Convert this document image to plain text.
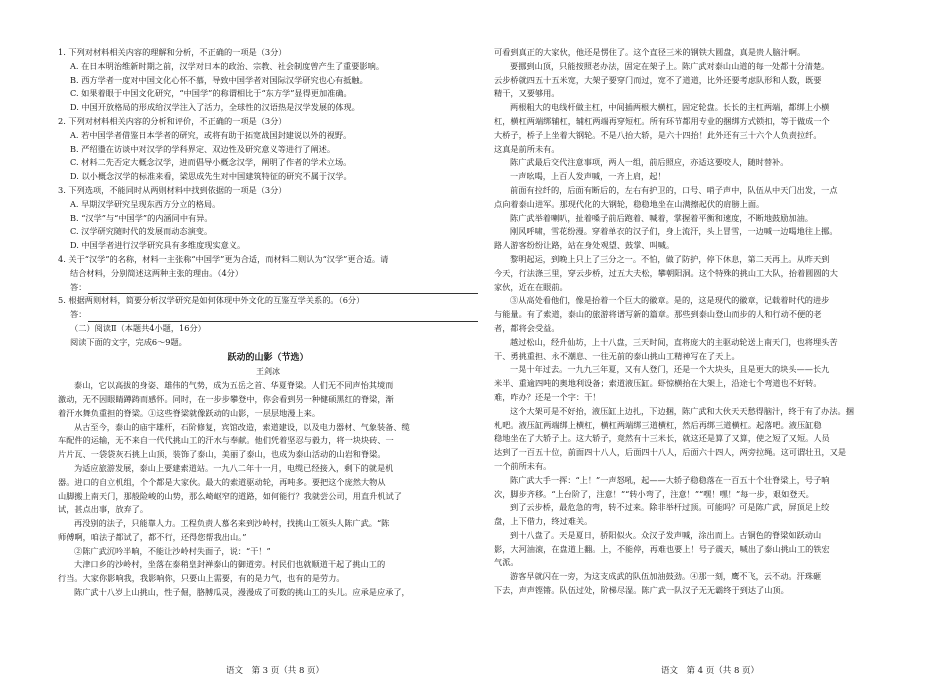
1. 下列对材料相关内容的理解和分析，不正确的一项是（3分）
A. 在日本明治维新时期之前，汉学对日本的政治、宗教、社会制度曾产生了重要影响。
B. 西方学者一度对中国文化心怀不慕，导致中国学者对国际汉学研究也心有抵触。
C. 如果着眼于中国文化研究，“中国学”的称谓相比于“东方学”显得更加准确。
D. 中国开放格局的形成给汉学注入了活力，全球性的汉语热是汉学发展的体现。
2. 下列对材料相关内容的分析和评价，不正确的一项是（3分）
A. 若中国学者借鉴日本学者的研究，或将有助于拓宽战国封建说以外的视野。
B. 严绍璗在访谈中对汉学的学科界定、双边性及研究意义等进行了阐述。
C. 材料二先否定大概念汉学，进而倡导小概念汉学，阐明了作者的学术立场。
D. 以小概念汉学的标准来看，梁思成先生对中国建筑特征的研究不属于汉学。
3. 下列选项，不能同时从两则材料中找到依据的一项是（3分）
A. 早期汉学研究呈现东西方分立的格局。
B. “汉学”与“中国学”的内涵同中有异。
C. 汉学研究随时代的发展而动态演变。
D. 中国学者进行汉学研究具有多维度现实意义。
4. 关于“汉学”的名称，材料一主张称“中国学”更为合适，而材料二则认为“汉学”更合适。请
结合材料，分别简述这两种主张的理由。（4分）
答：
5. 根据两则材料，简要分析汉学研究是如何体现中外文化的互鉴互学关系的。（6分）
答：
（二）阅读Ⅱ（本题共4小题，16分）
阅读下面的文字，完成6～9题。
跃动的山影（节选）
王剑冰
泰山，它以高拔的身姿、雄伟的气势，成为五岳之首、华夏脊梁。人们无不同声怡其境而
激动，无不因眼睛蹲踌而感怀。同时，在一步步攀登中，你会看到另一种健硕黑红的脊梁，渐
着汗水舞负重担的脊梁。①这些脊梁就像跃动的山影，一层层地漫上来。
从古至今，泰山的庙宇雄杆，石阶修复，宾馆改造，索道建设，以及电力器材、气象装备、缆
车配件的运输，无不来自一代代挑山工的汗水与奉献。他们凭着坚忍与毅力，将一块块砖、一
片片瓦、一袋袋灰石挑上山顶，装饰了泰山，美丽了泰山，也成为泰山活动的山岩和脊梁。
为适应旅游发展，泰山上要建索道站。一九八二年十一月，电缆已经接入，剩下的就是机
器。进口的自立机组，个个都是大家伙。最大的索道驱动轮，再吨多。要把这个庞然大物从
山脚搬上南天门，那般险峻的山势，那么崎岖窄的道路，如何能行？我就尝公司，用直升机试了
试，甚点出事，放弃了。
再没别的法子，只能靠人力。工程负责人慕名来到沙岭村，找挑山工领头人陈广武。“陈
师傅啊，咱法子都试了，都不行，还得您帮我出山。”
②陈广武沉吟半晌，不能让沙岭村失面子，说：“干！”
大津口乡的沙岭村，坐落在泰稍皇封禅泰山的御道旁。村民们也就顺道干起了挑山工的
行当。大家你影响我，我影响你，只要山上需要，有的是力气，也有的是劳力。
陈广武十八岁上山挑山，性子倔，胳膊瓜灵，漫漫成了可数的挑山工的头儿。应承是应承了，
可看到真正的大家伙，他还是愣住了。这个直径三米的钢铁大圆盘，真是贵人脑汁啊。
要挪到山顶，只能按照老办法，固定在架子上。陈广武对泰山山道的每一处都十分清楚。
云步桥就四五十五米宽，大架子要穿门而过，宽不了道道，比外还要考虑队形和人数，既要
精干，又要够用。
两根粗大的电线杆做主杠，中间插两根大横杠，固定轮盘。长长的主杠两端，都绑上小横
杠，横杠两端绑辅杠，辅杠两端再穿短杠。所有环节都用专业的捆绑方式锁扣，等于做成一个
大桥子，桥子上坐着大钢轮。不是八抬大轿，是六十四抬！此外还有三十六个人负责拉纤。
这真是前所未有。
陈广武最后交代注意事项，两人一组，前后照应，亦适这要咬人，随时替补。
一声吆喝，上百人发声喊，一齐上肩，起！
前面有拉纤的，后面有断后的，左右有护卫的，口号、哨子声中，队伍从中天门出发，一点
点向着泰山进军。那现代化的大钢轮，稳稳地坐在山满擦起伏的肩膀上面。
陈广武举着喇叭，扯着嗓子前后跑着、喊着，掌握着平衡和速度，不断地鼓励加油。
刚风呼啸，雪花纷漫。穿着单衣的汉子们，身上流汗，头上冒雪，一边喊一边喝地往上挪。
路人游客纷纷让路，站在身处观望、鼓掌、叫喊。
黎明起运，到晚上只上了三分之一。不怕，做了防护，停下休息，第二天再上。从昨天到
今天，行法涤三里，穿云步桥，过五大夫松，攀朝阳洞。这个特殊的挑山工大队，抬着圆圆的大
家伙，近在在眼前。
③从高处看他们，像是抬着一个巨大的徽章。是的，这是现代的徽章，记载着时代的进步
与能量。有了索道，泰山的旅游将谱写新的篇章。那些到泰山登山而步的人和行动不便的老
者，都将会受益。
越过松山，经升仙坊，上十八盘，三天时间，直将庞大的主驱动轮送上南天门，也将埋头苦
干、勇挑重担、永不潮息、一往无前的泰山挑山工精神写在了天上。
一晃十年过去。一九九三年夏，又有人登门，还是一个大块头，且是更大的块头——长九
米半、重逾四吨的奥地利设备；索道液压缸。虾惊横抬在大架上，沿途七个弯道也不好转。
难，咋办？还是一个字：干！
这个大架可是不好抬，液压缸上边扎，下边捆，陈广武和大伙天天愁得脑汁，终于有了办法。捆
札吧。液压缸两端绑上横杠，横杠两端绑三道横杠，然后再绑三道横杠。起落吧。液压缸稳
稳地坐在了大轿子上。这大轿子，竟然有十三米长，就这还是算了又算，使之短了又短。人员
达到了一百五十位，前面四十八人，后面四十八人，后面六十四人，两旁拉绳。这可谓壮丑，又是
一个前所未有。
陈广武大手一挥：“上！”一声怒吼，起——大轿子稳稳落在一百五十个壮脊梁上，号子响
次，脚步齐移。“上台阶了，注意！”“转小弯了，注意！”“嘿！嘿！”每一步，艰如登天。
到了云步桥，最危急的弯，转不过来。除非举杆过顶。可能吗？可是陈广武，屏顶足上绞
盘，上下借力，终过难关。
到十八盘了。天是夏日，骄阳似火。众汉子发声喊，涂出而上。古铜色的脊梁如跃动山
影，大河油滚，在盘道上翻。上，不能停，再难也要上！号子震天，喊出了泰山挑山工的铁宏
气派。
游客早就闪在一旁，为这支成武的队伍加油鼓劲。④那一刻，鹰不飞，云不动。汗珠砸
下去，声声铿锵。队伍过处，阶梯尽湿。陈广武一队汉子无无霸终于到达了山顶。
语文　第 3 页（共 8 页）	语文　第 4 页（共 8 页）
